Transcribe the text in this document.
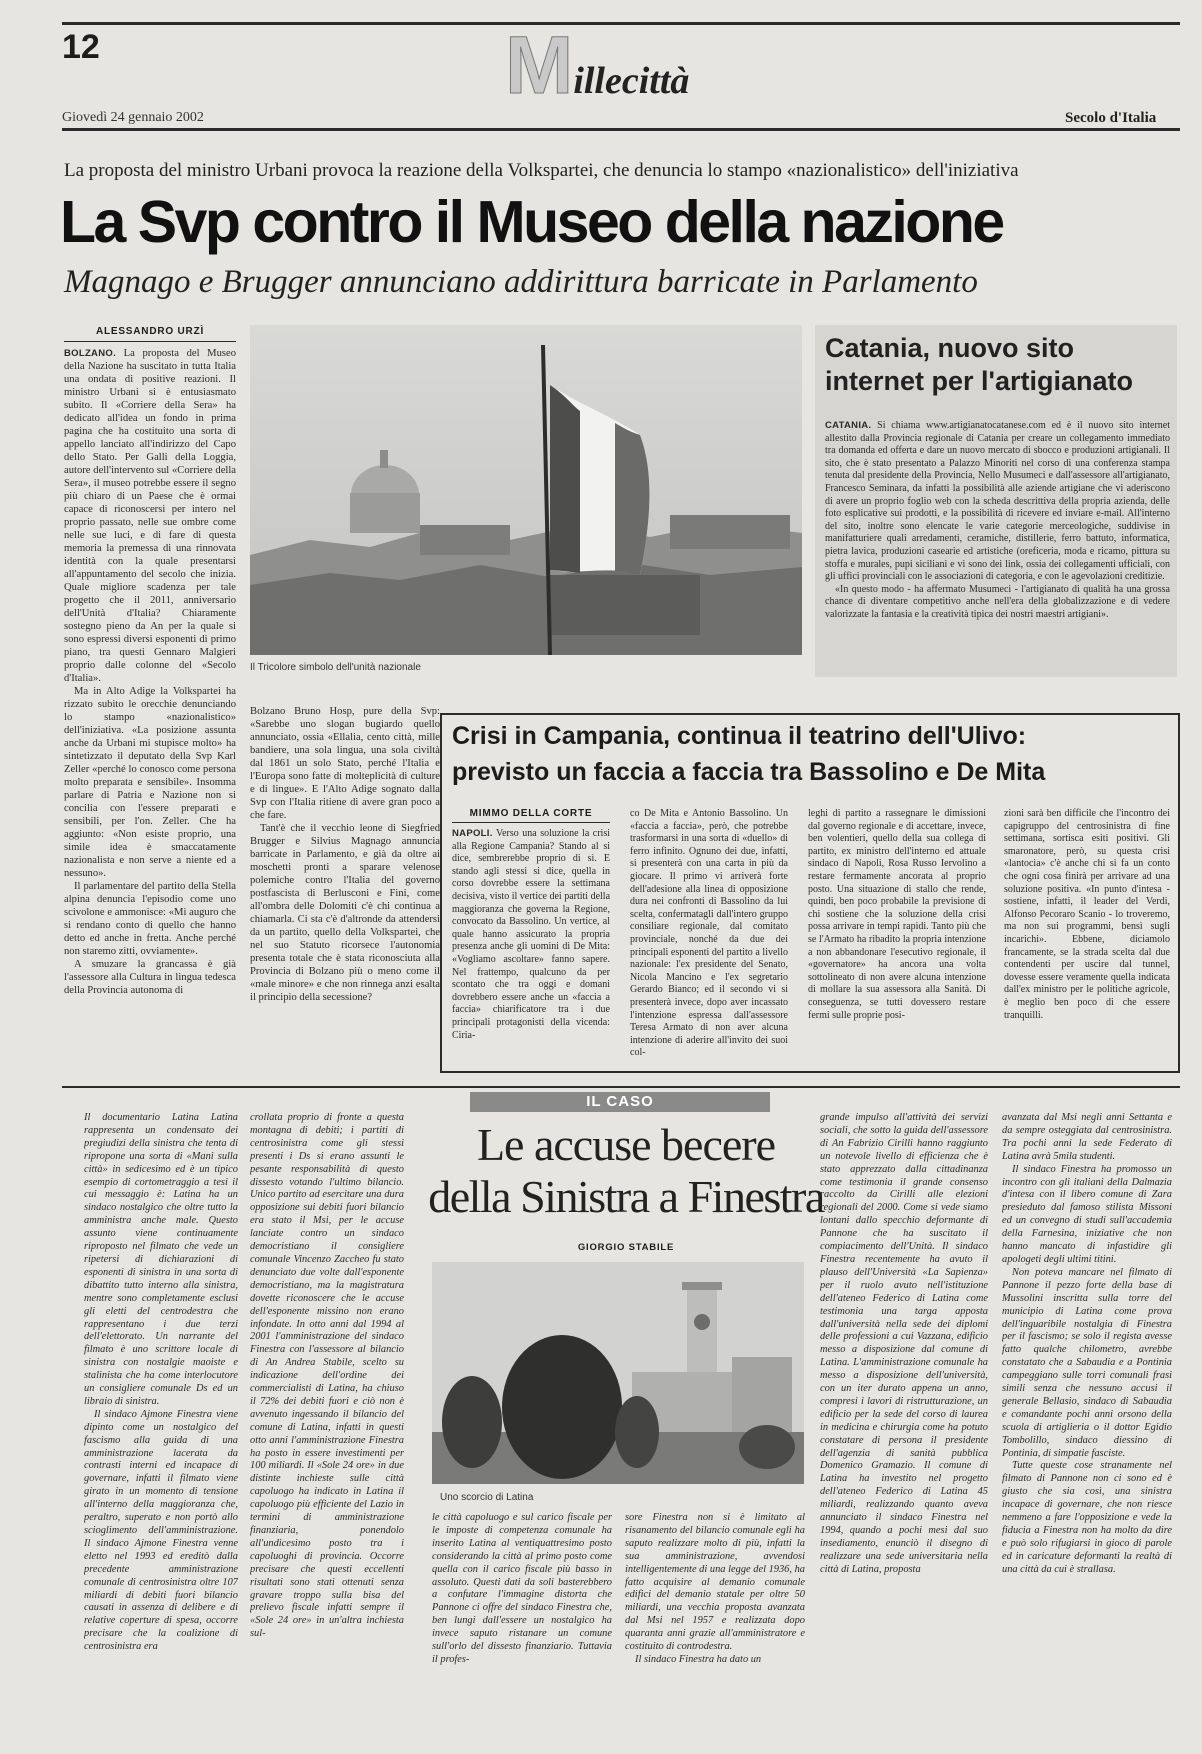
12	Millecittà
Giovedì 24 gennaio 2002	Secolo d'Italia
La proposta del ministro Urbani provoca la reazione della Volkspartei, che denuncia lo stampo «nazionalistico» dell'iniziativa
La Svp contro il Museo della nazione
Magnago e Brugger annunciano addirittura barricate in Parlamento
ALESSANDRO URZÌ

BOLZANO. La proposta del Museo della Nazione ha suscitato in tutta Italia una ondata di positive reazioni. Il ministro Urbani si è entusiasmato subito. Il «Corriere della Sera» ha dedicato all'idea un fondo in prima pagina che ha costituito una sorta di appello lanciato all'indirizzo del Capo dello Stato. Per Galli della Loggia, autore dell'intervento sul «Corriere della Sera», il museo potrebbe essere il segno più chiaro di un Paese che è ormai capace di riconoscersi per intero nel proprio passato, nelle sue ombre come nelle sue luci, e di fare di questa memoria la premessa di una rinnovata identità con la quale presentarsi all'appuntamento del secolo che inizia. Quale migliore scadenza per tale progetto che il 2011, anniversario dell'Unità d'Italia? Chiaramente sostegno pieno da An per la quale si sono espressi diversi esponenti di primo piano, tra questi Gennaro Malgieri proprio dalle colonne del «Secolo d'Italia».

Ma in Alto Adige la Volkspartei ha rizzato subito le orecchie denunciando lo stampo «nazionalistico» dell'iniziativa. «La posizione assunta anche da Urbani mi stupisce molto» ha sintetizzato il deputato della Svp Karl Zeller «perché lo conosco come persona molto preparata e sensibile». Insomma parlare di Patria e Nazione non si concilia con l'essere preparati e sensibili, per l'on. Zeller. Che ha aggiunto: «Non esiste proprio, una simile idea è smaccatamente nazionalista e non serve a niente ed a nessuno».

Il parlamentare del partito della Stella alpina denuncia l'episodio come uno scivolone e ammonisce: «Mi auguro che si rendano conto di quello che hanno detto ed anche in fretta. Anche perché non staremo zitti, ovviamente».

A smuzare la grancassa è già l'assessore alla Cultura in lingua tedesca della Provincia autonoma di

Il Tricolore simbolo dell'unità nazionale

Bolzano Bruno Hosp, pure della Svp: «Sarebbe uno slogan bugiardo quello annunciato, ossia «Ellalia, cento città, mille bandiere, una sola lingua, una sola civiltà dal 1861 un solo Stato, perché l'Italia e l'Europa sono fatte di molteplicità di culture e di lingue». E l'Alto Adige sognato dalla Svp con l'Italia ritiene di avere gran poco a che fare.

Tant'è che il vecchio leone di Siegfried Brugger e Silvius Magnago annuncia barricate in Parlamento, e già da oltre ai moschetti pronti a sparare velenose polemiche contro l'Italia del governo postfascista di Berlusconi e Fini, come all'ombra delle Dolomiti c'è chi continua a chiamarla. Ci sta c'è d'altronde da attendersi da un partito, quello della Volkspartei, che nel suo Statuto ricorsece l'autonomia presenta totale che è stata riconosciuta alla Provincia di Bolzano più o meno come il «male minore» e che non rinnega anzi esalta il principio della secessione?

Catania, nuovo sito internet per l'artigianato

CATANIA. Si chiama www.artigianatocatanese.com ed è il nuovo sito internet allestito dalla Provincia regionale di Catania per creare un collegamento immediato tra domanda ed offerta e dare un nuovo mercato di sbocco e produzioni artigianali. Il sito, che è stato presentato a Palazzo Minoriti nel corso di una conferenza stampa tenuta dal presidente della Provincia, Nello Musumeci e dall'assessore all'artigianato, Francesco Seminara, da infatti la possibilità alle aziende artigiane che vi aderiscono di avere un proprio foglio web con la scheda descrittiva della propria azienda, delle foto esplicative sui prodotti, e la possibilità di ricevere ed inviare e-mail. All'interno del sito, inoltre sono elencate le varie categorie merceologiche, suddivise in manifatturiere quali arredamenti, ceramiche, distillerie, ferro battuto, informatica, pietra lavica, produzioni casearie ed artistiche (oreficeria, moda e ricamo, pittura su stoffa e murales, pupi siciliani e vi sono dei link, ossia dei collegamenti ufficiali, con gli uffici provinciali con le associazioni di categoria, e con le agevolazioni creditizie.

«In questo modo - ha affermato Musumeci - l'artigianato di qualità ha una grossa chance di diventare competitivo anche nell'era della globalizzazione e di vedere valorizzate la fantasia e la creatività tipica dei nostri maestri artigiani».

Crisi in Campania, continua il teatrino dell'Ulivo:
previsto un faccia a faccia tra Bassolino e De Mita
MIMMO DELLA CORTE

NAPOLI. Verso una soluzione la crisi alla Regione Campania? Stando al si dice, sembrerebbe proprio di sì. E stando agli stessi si dice, quella in corso dovrebbe essere la settimana decisiva, visto il vertice dei partiti della maggioranza che governa la Regione, convocato da Bassolino. Un vertice, al quale hanno assicurato la propria presenza anche gli uomini di De Mita: «Vogliamo ascoltare» fanno sapere. Nel frattempo, qualcuno da per scontato che tra oggi e domani dovrebbero essere anche un «faccia a faccia» chiarificatore tra i due principali protagonisti della vicenda: Ciria-

co De Mita e Antonio Bassolino. Un «faccia a faccia», però, che potrebbe trasformarsi in una sorta di «duello» di ferro infinito. Ognuno dei due, infatti, si presenterà con una carta in più da giocare. Il primo vi arriverà forte dell'adesione alla linea di opposizione dura nei confronti di Bassolino da lui scelta, confermatagli dall'intero gruppo consiliare regionale, dal comitato provinciale, nonché da due dei principali esponenti del partito a livello nazionale: l'ex presidente del Senato, Nicola Mancino e l'ex segretario Gerardo Bianco; ed il secondo vi si presenterà invece, dopo aver incassato l'intenzione espressa dall'assessore Teresa Armato di non aver alcuna intenzione di aderire all'invito dei suoi col-

leghi di partito a rassegnare le dimissioni dal governo regionale e di accettare, invece, ben volentieri, quello della sua collega di partito, ex ministro dell'interno ed attuale sindaco di Napoli, Rosa Russo Iervolino a restare fermamente ancorata al proprio posto. Una situazione di stallo che rende, quindi, ben poco probabile la previsione di chi sostiene che la soluzione della crisi possa arrivare in tempi rapidi. Tanto più che se l'Armato ha ribadito la propria intenzione a non abbandonare l'esecutivo regionale, il «governatore» ha ancora una volta sottolineato di non avere alcuna intenzione di mollare la sua assessora alla Sanità. Di conseguenza, se tutti dovessero restare fermi sulle proprie posi-

zioni sarà ben difficile che l'incontro dei capigruppo del centrosinistra di fine settimana, sortisca esiti positivi. Gli smaronatore, però, su questa crisi «lantocia» c'è anche chi si fa un conto che ogni cosa finirà per arrivare ad una soluzione positiva. «In punto d'intesa - sostiene, infatti, il leader del Verdi, Alfonso Pecoraro Scanio - lo troveremo, ma non sui programmi, bensì sugli incarichi». Ebbene, diciamolo francamente, se la strada scelta dal due contendenti per uscire dal tunnel, dovesse essere veramente quella indicata dall'ex ministro per le politiche agricole, è meglio ben poco di che essere tranquilli.

IL CASO

Il documentario Latina Latina rappresenta un condensato dei pregiudizi della sinistra che tenta di ripropone una sorta di «Mani sulla città» in sedicesimo ed è un tipico esempio di cortometraggio a tesi il cui messaggio è: Latina ha un sindaco nostalgico che oltre tutto la amministra anche male. Questo assunto viene continuamente riproposto nel filmato che vede un ripetersi di dichiarazioni di esponenti di sinistra in una sorta di dibattito tutto interno alla sinistra, mentre sono completamente esclusi gli eletti del centrodestra che rappresentano i due terzi dell'elettorato. Un narrante del filmato è uno scrittore locale di sinistra con nostalgie maoiste e stalinista che ha come interlocutore un consigliere comunale Ds ed un libraio di sinistra.

Il sindaco Ajmone Finestra viene dipinto come un nostalgico del fascismo alla guida di una amministrazione lacerata da contrasti interni ed incapace di governare, infatti il filmato viene girato in un momento di tensione all'interno della maggioranza che, peraltro, superato e non portò allo scioglimento dell'amministrazione. Il sindaco Ajmone Finestra venne eletto nel 1993 ed ereditò dalla precedente amministrazione comunale di centrosinistra oltre 107 miliardi di debiti fuori bilancio causati in assenza di delibere e di relative coperture di spesa, occorre precisare che la coalizione di centrosinistra era

crollata proprio di fronte a questa montagna di debiti; i partiti di centrosinistra come gli stessi presenti i Ds si erano assunti le pesante responsabilità di questo dissesto votando l'ultimo bilancio. Unico partito ad esercitare una dura opposizione sui debiti fuori bilancio era stato il Msi, per le accuse lanciate contro un sindaco democristiano il consigliere comunale Vincenzo Zaccheo fu stato denunciato due volte dall'esponente democristiano, ma la magistratura dovette riconoscere che le accuse dell'esponente missino non erano infondate. In otto anni dal 1994 al 2001 l'amministrazione del sindaco Finestra con l'assessore al bilancio di An Andrea Stabile, scelto su indicazione dell'ordine dei commercialisti di Latina, ha chiuso il 72% dei debiti fuori e ciò non è avvenuto ingessando il bilancio del comune di Latina, infatti in questi otto anni l'amministrazione Finestra ha posto in essere investimenti per 100 miliardi. Il «Sole 24 ore» in due distinte inchieste sulle città capoluogo ha indicato in Latina il capoluogo più efficiente del Lazio in termini di amministrazione finanziaria, ponendolo all'undicesimo posto tra i capoluoghi di provincia. Occorre precisare che questi eccellenti risultati sono stati ottenuti senza gravare troppo sulla bisa del prelievo fiscale infatti sempre il «Sole 24 ore» in un'altra inchiesta sul-

Le accuse becere
della Sinistra a Finestra
GIORGIO STABILE
Uno scorcio di Latina

le città capoluogo e sul carico fiscale per le imposte di competenza comunale ha inserito Latina al ventiquattresimo posto considerando la città al primo posto come quella con il carico fiscale più basso in assoluto. Questi dati da soli basterebbero a confutare l'immagine distorta che Pannone ci offre del sindaco Finestra che, ben lungi dall'essere un nostalgico ha invece saputo ristanare un comune sull'orlo del dissesto finanziario. Tuttavia il profes-

sore Finestra non si è limitato al risanamento del bilancio comunale egli ha saputo realizzare molto di più, infatti la sua amministrazione, avvendosi intelligentemente di una legge del 1936, ha fatto acquisire al demanio comunale edifici del demanio statale per oltre 50 miliardi, una vecchia proposta avanzata dal Msi nel 1957 e realizzata dopo quaranta anni grazie all'amministratore e costituito di controdestra.

Il sindaco Finestra ha dato un

grande impulso all'attività dei servizi sociali, che sotto la guida dell'assessore di An Fabrizio Cirilli hanno raggiunto un notevole livello di efficienza che è stato apprezzato dalla cittadinanza come testimonia il grande consenso raccolto da Cirilli alle elezioni regionali del 2000. Come si vede siamo lontani dallo specchio deformante di Pannone che ha suscitato il compiacimento dell'Unità. Il sindaco Finestra recentemente ha avuto il plauso dell'Università «La Sapienza» per il ruolo avuto nell'istituzione dell'ateneo Federico di Latina come testimonia una targa apposta dall'università nella sede dei diplomi delle professioni a cui Vazzana, edificio messo a disposizione dal comune di Latina. L'amministrazione comunale ha messo a disposizione dell'università, con un iter durato appena un anno, compresi i lavori di ristrutturazione, un edificio per la sede del corso di laurea in medicina e chirurgia come ha potuto constatare di persona il presidente dell'agenzia di sanità pubblica Domenico Gramazio. Il comune di Latina ha investito nel progetto dell'ateneo Federico di Latina 45 miliardi, realizzando quanto aveva annunciato il sindaco Finestra nel 1994, quando a pochi mesi dal suo insediamento, enunciò il disegno di realizzare una sede universitaria nella città di Latina, proposta

avanzata dal Msi negli anni Settanta e da sempre osteggiata dal centrosinistra. Tra pochi anni la sede Federato di Latina avrà 5mila studenti.

Il sindaco Finestra ha promosso un incontro con gli italiani della Dalmazia d'intesa con il libero comune di Zara presieduto dal famoso stilista Missoni ed un convegno di studi sull'accademia della Farnesina, iniziative che non hanno mancato di infastidire gli apologeti degli ultimi titini.

Non poteva mancare nel filmato di Pannone il pezzo forte della base di Mussolini inscritta sulla torre del municipio di Latina come prova dell'inguaribile nostalgia di Finestra per il fascismo; se solo il regista avesse fatto qualche chilometro, avrebbe constatato che a Sabaudia e a Pontinia campeggiano sulle torri comunali frasi simili senza che nessuno accusi il generale Bellasio, sindaco di Sabaudia e comandante pochi anni orsono della scuola di artiglieria o il dottor Egidio Tombolillo, sindaco diessino di Pontinia, di simpatie fasciste.

Tutte queste cose stranamente nel filmato di Pannone non ci sono ed è giusto che sia così, una sinistra incapace di governare, che non riesce nemmeno a fare l'opposizione e vede la fiducia a Finestra non ha molto da dire e può solo rifugiarsi in gioco di parole ed in caricature deformanti la realtà di una città da cui è strallasa.
